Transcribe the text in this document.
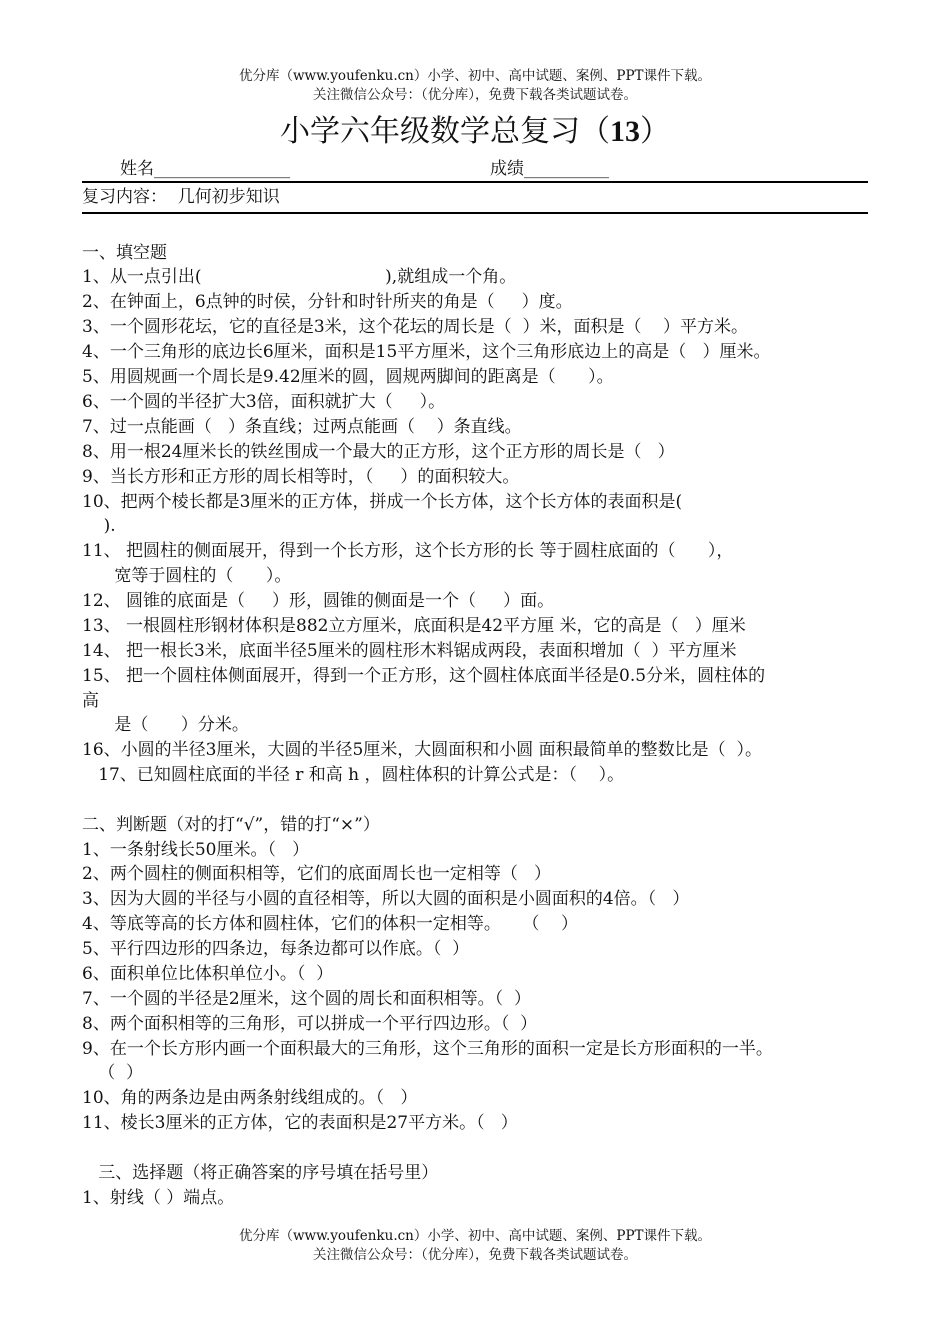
优分库（www.youfenku.cn）小学、初中、高中试题、案例、PPT课件下载。
关注微信公众号：（优分库），免费下载各类试题试卷。
小学六年级数学总复习（13）
姓名________________	成绩__________
复习内容：  几何初步知识
一、填空题
1、从一点引出(                                  ),就组成一个角。
2、在钟面上，6点钟的时侯，分针和时针所夹的角是（     ）度。
3、一个圆形花坛，它的直径是3米，这个花坛的周长是（  ）米，面积是（    ）平方米。
4、一个三角形的底边长6厘米，面积是15平方厘米，这个三角形底边上的高是（   ）厘米。
5、用圆规画一个周长是9.42厘米的圆，圆规两脚间的距离是（      ）。
6、一个圆的半径扩大3倍，面积就扩大（     ）。
7、过一点能画（   ）条直线；过两点能画（    ）条直线。
8、用一根24厘米长的铁丝围成一个最大的正方形，这个正方形的周长是（   ）
9、当长方形和正方形的周长相等时，（     ）的面积较大。
10、把两个棱长都是3厘米的正方体，拼成一个长方体，这个长方体的表面积是(
).
11、 把圆柱的侧面展开，得到一个长方形，这个长方形的长 等于圆柱底面的（      ），
宽等于圆柱的（      ）。
12、 圆锥的底面是（     ）形，圆锥的侧面是一个（     ）面。
13、 一根圆柱形钢材体积是882立方厘米，底面积是42平方厘 米，它的高是（   ）厘米
14、 把一根长3米，底面半径5厘米的圆柱形木料锯成两段，表面积增加（  ）平方厘米
15、 把一个圆柱体侧面展开，得到一个正方形，这个圆柱体底面半径是0.5分米，圆柱体的
高
是（      ）分米。
16、小圆的半径3厘米，大圆的半径5厘米，大圆面积和小圆 面积最简单的整数比是（  ）。
17、已知圆柱底面的半径 r 和高 h ，圆柱体积的计算公式是：（    ）。
二、判断题（对的打“√”，错的打“×”）
1、一条射线长50厘米。（   ）
2、两个圆柱的侧面积相等，它们的底面周长也一定相等（   ）
3、因为大圆的半径与小圆的直径相等，所以大圆的面积是小圆面积的4倍。（   ）
4、等底等高的长方体和圆柱体，它们的体积一定相等。    （    ）
5、平行四边形的四条边，每条边都可以作底。（  ）
6、面积单位比体积单位小。（  ）
7、一个圆的半径是2厘米，这个圆的周长和面积相等。（  ）
8、两个面积相等的三角形，可以拼成一个平行四边形。（  ）
9、在一个长方形内画一个面积最大的三角形，这个三角形的面积一定是长方形面积的一半。
（  ）
10、角的两条边是由两条射线组成的。（   ）
11、棱长3厘米的正方体，它的表面积是27平方米。（   ）
三、选择题（将正确答案的序号填在括号里）
1、射线（ ）端点。
优分库（www.youfenku.cn）小学、初中、高中试题、案例、PPT课件下载。
关注微信公众号：（优分库），免费下载各类试题试卷。
